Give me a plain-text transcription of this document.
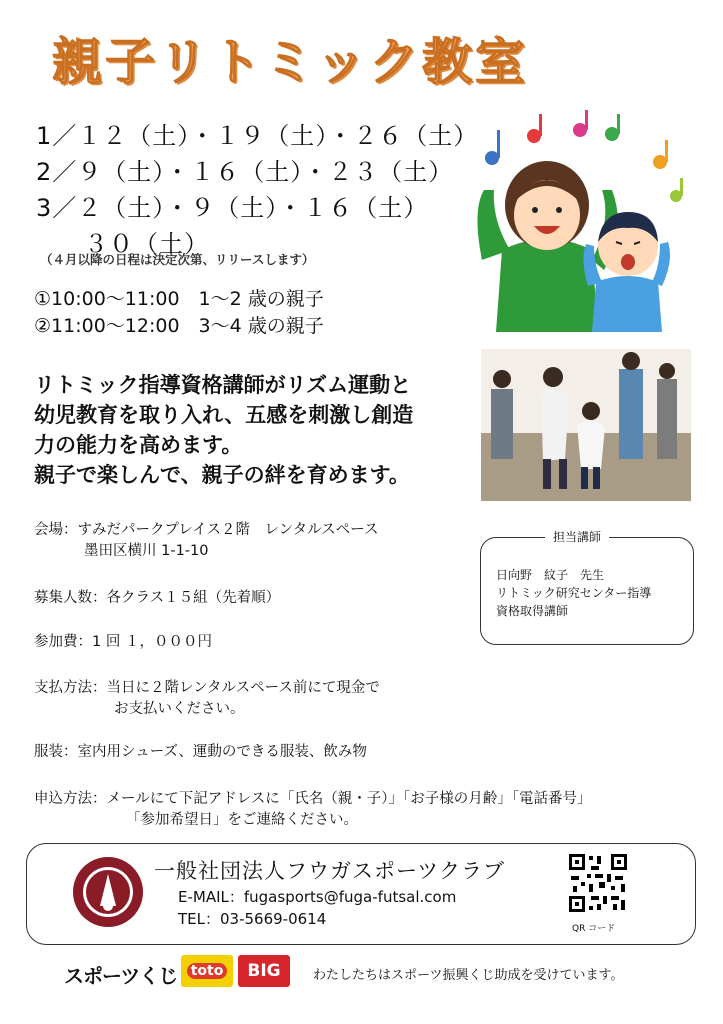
親子リトミック教室
1／１２（土）・１９（土）・２６（土）
2／９（土）・１６（土）・２３（土）
3／２（土）・９（土）・１６（土）
３０（土）
（４月以降の日程は決定次第、リリースします）
①10:00～11:00　1～2 歳の親子
②11:00～12:00　3～4 歳の親子
リトミック指導資格講師がリズム運動と
幼児教育を取り入れ、五感を刺激し創造
力の能力を高めます。
親子で楽しんで、親子の絆を育めます。
会場：すみだパークプレイス２階　レンタルスペース
墨田区横川 1-1-10
募集人数：各クラス１５組（先着順）
参加費：1 回 １，０００円
支払方法：当日に２階レンタルスペース前にて現金で
お支払いください。
服装：室内用シューズ、運動のできる服装、飲み物
申込方法：メールにて下記アドレスに「氏名（親・子）」「お子様の月齢」「電話番号」
「参加希望日」をご連絡ください。
担当講師
日向野　紋子　先生
リトミック研究センター指導
資格取得講師
一般社団法人フウガスポーツクラブ
E-MAIL：fugasports@fuga-futsal.com
TEL：03-5669-0614
QR コード
スポーツくじ toto	BIG	わたしたちはスポーツ振興くじ助成を受けています。
